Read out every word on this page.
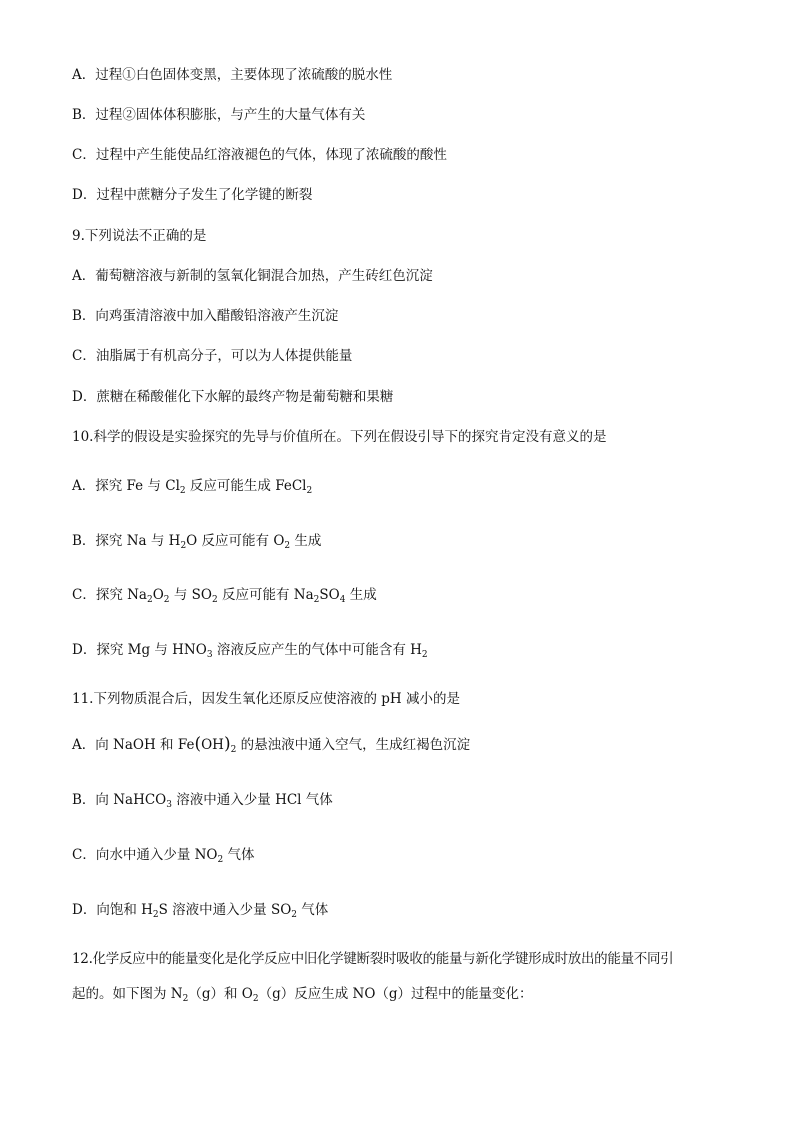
A．过程①白色固体变黑，主要体现了浓硫酸的脱水性
B．过程②固体体积膨胀，与产生的大量气体有关
C．过程中产生能使品红溶液褪色的气体，体现了浓硫酸的酸性
D．过程中蔗糖分子发生了化学键的断裂
9.下列说法不正确的是
A．葡萄糖溶液与新制的氢氧化铜混合加热，产生砖红色沉淀
B．向鸡蛋清溶液中加入醋酸铅溶液产生沉淀
C．油脂属于有机高分子，可以为人体提供能量
D．蔗糖在稀酸催化下水解的最终产物是葡萄糖和果糖
10.科学的假设是实验探究的先导与价值所在。下列在假设引导下的探究肯定没有意义的是
A．探究 Fe 与 $Cl_2$ 反应可能生成 FeCl$_2$
B．探究 Na 与 $H_2O$ 反应可能有 $O_2$ 生成
C．探究 $Na_2O_2$ 与 $SO_2$ 反应可能有 $Na_2SO_4$ 生成
D．探究 Mg 与 $HNO_3$ 溶液反应产生的气体中可能含有 $H_2$
11.下列物质混合后，因发生氧化还原反应使溶液的 pH 减小的是
A．向 NaOH 和 $Fe(OH)_2$ 的悬浊液中通入空气，生成红褐色沉淀
B．向 NaHCO$_3$ 溶液中通入少量 HCl 气体
C．向水中通入少量 $NO_2$ 气体
D．向饱和 $H_2S$ 溶液中通入少量 $SO_2$ 气体
12.化学反应中的能量变化是化学反应中旧化学键断裂时吸收的能量与新化学键形成时放出的能量不同引
起的。如下图为 $N_2(g)$和 $O_2(g)$反应生成 NO（g）过程中的能量变化：
